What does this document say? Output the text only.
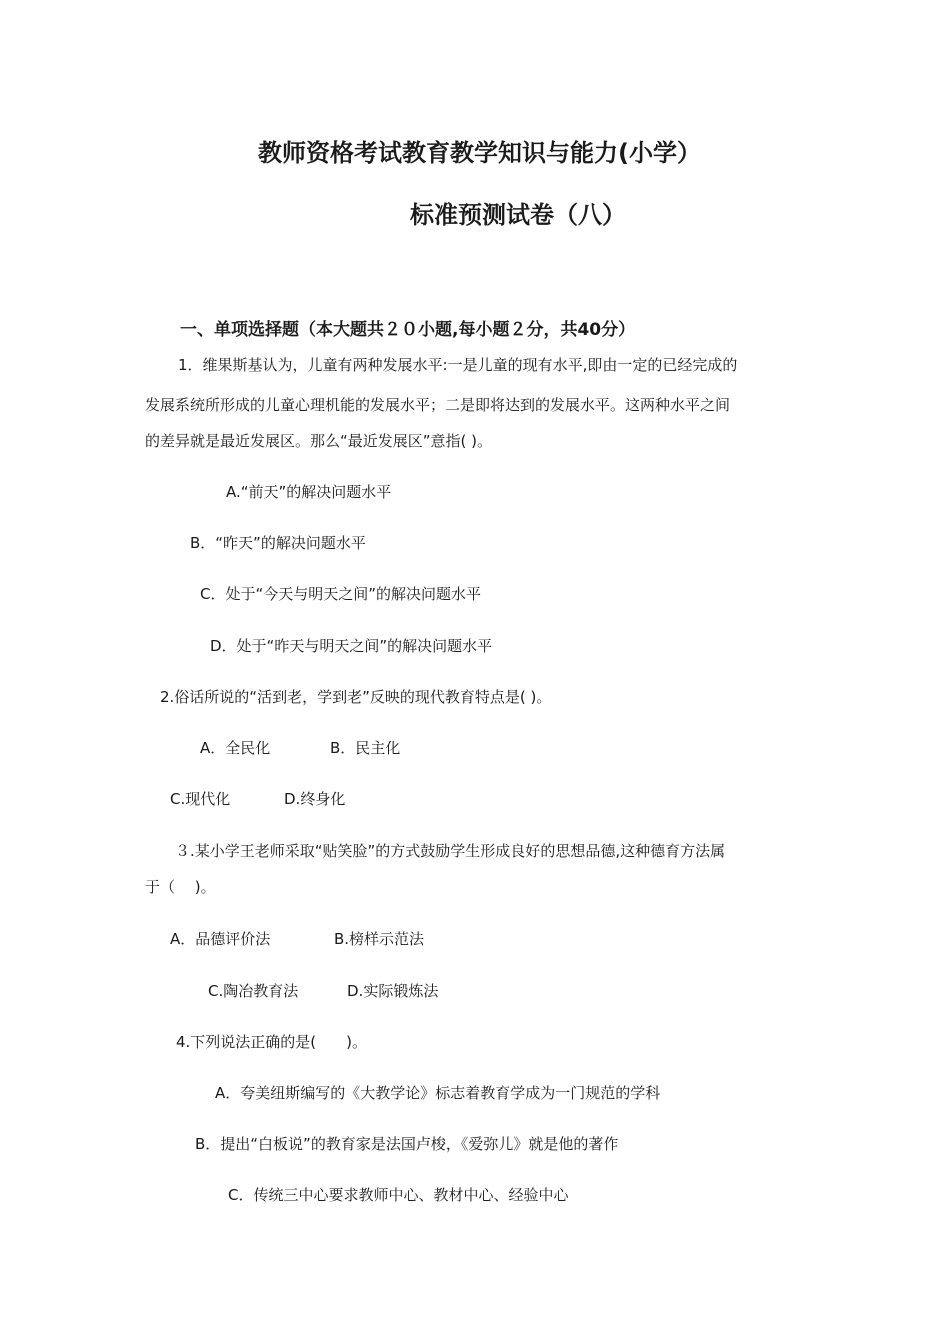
教师资格考试教育教学知识与能力(小学）
标准预测试卷（八）
一、单项选择题（本大题共２０小题,每小题２分，共40分）
1．维果斯基认为，儿童有两种发展水平:一是儿童的现有水平,即由一定的已经完成的
发展系统所形成的儿童心理机能的发展水平；二是即将达到的发展水平。这两种水平之间
的差异就是最近发展区。那么“最近发展区”意指( )。
A.“前天”的解决问题水平
B．“昨天”的解决问题水平
C．处于“今天与明天之间”的解决问题水平
D．处于“昨天与明天之间”的解决问题水平
2.俗话所说的“活到老，学到老”反映的现代教育特点是( )。
A．全民化	B．民主化
C.现代化	D.终身化
３.某小学王老师采取“贴笑脸”的方式鼓励学生形成良好的思想品德,这种德育方法属
于（　 )。
A．品德评价法	B.榜样示范法
C.陶冶教育法	D.实际锻炼法
4.下列说法正确的是(　　)。
A．夸美纽斯编写的《大教学论》标志着教育学成为一门规范的学科
B．提出“白板说”的教育家是法国卢梭，《爱弥儿》就是他的著作
C．传统三中心要求教师中心、教材中心、经验中心
